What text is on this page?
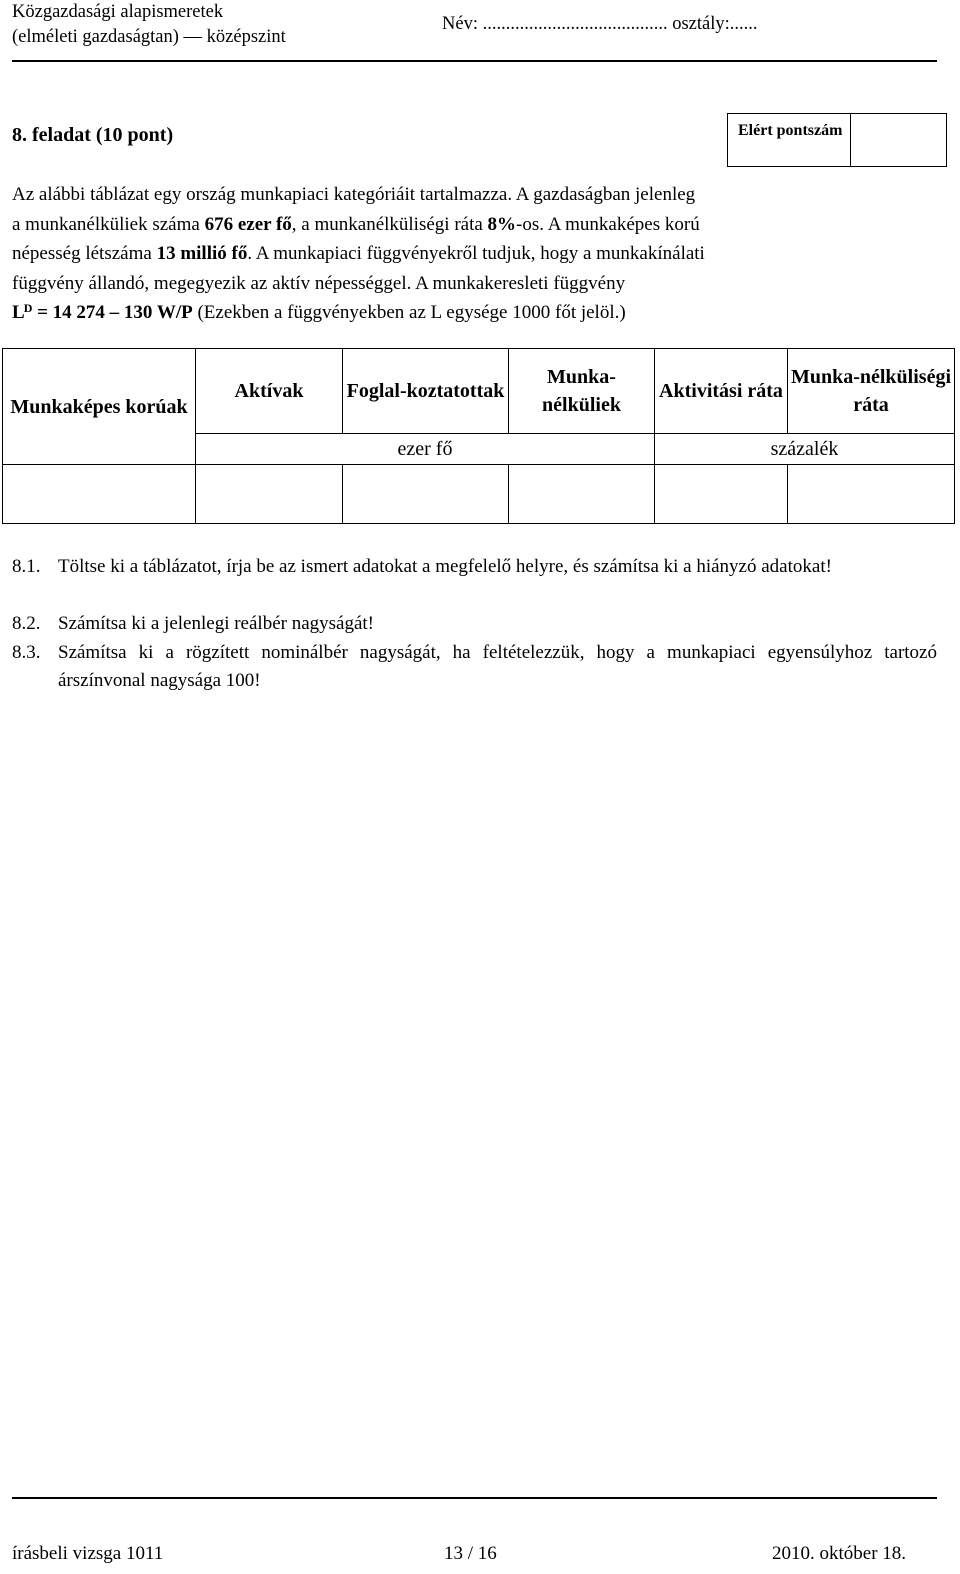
Közgazdasági alapismeretek
(elméleti gazdaságtan) — középszint
Név: ........................................ osztály:......
8. feladat (10 pont)	Elért pontszám
Az alábbi táblázat egy ország munkapiaci kategóriáit tartalmazza. A gazdaságban jelenleg
a munkanélküliek száma 676 ezer fő, a munkanélküliségi ráta 8%-os. A munkaképes korú
népesség létszáma 13 millió fő. A munkapiaci függvényekről tudjuk, hogy a munkakínálati
függvény állandó, megegyezik az aktív népességgel. A munkakeresleti függvény
$L^D = 14$ 274 – 130 W/P (Ezekben a függvényekben az L egysége 1000 főt jelöl.)
Munkaképes korúak	Aktívak	Foglal-koztatottak	Munka-nélküliek	Aktivitási ráta	Munka-nélküliségi ráta
	ezer fő			százalék	

8.1. Töltse ki a táblázatot, írja be az ismert adatokat a megfelelő helyre, és számítsa ki a hiányzó adatokat!
8.2. Számítsa ki a jelenlegi reálbér nagyságát!
8.3. Számítsa ki a rögzített nominálbér nagyságát, ha feltételezzük, hogy a munkapiaci egyensúlyhoz tartozó árszínvonal nagysága 100!
írásbeli vizsga 1011	13 / 16	2010. október 18.
